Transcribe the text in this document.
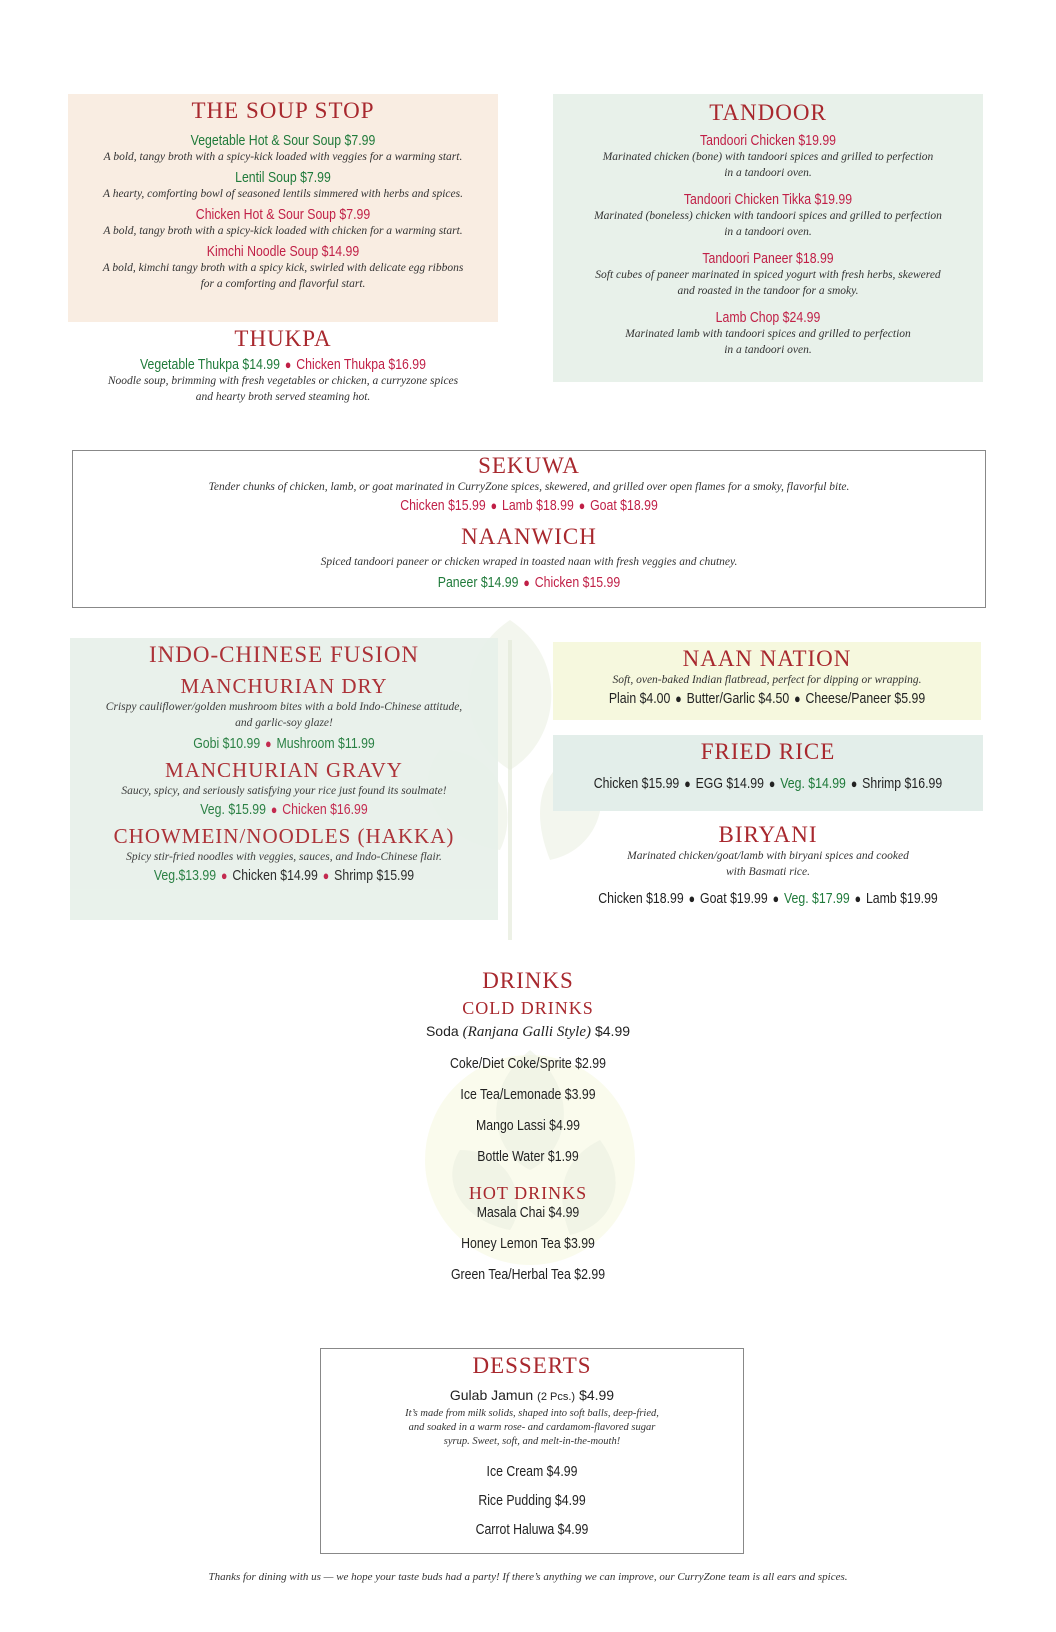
THE SOUP STOP
Vegetable Hot & Sour Soup $7.99
A bold, tangy broth with a spicy-kick loaded with veggies for a warming start.
Lentil Soup $7.99
A hearty, comforting bowl of seasoned lentils simmered with herbs and spices.
Chicken Hot & Sour Soup $7.99
A bold, tangy broth with a spicy-kick loaded with chicken for a warming start.
Kimchi Noodle Soup $14.99
A bold, kimchi tangy broth with a spicy kick, swirled with delicate egg ribbons
for a comforting and flavorful start.
THUKPA
Vegetable Thukpa $14.99 ● Chicken Thukpa $16.99
Noodle soup, brimming with fresh vegetables or chicken, a curryzone spices
and hearty broth served steaming hot.
TANDOOR
Tandoori Chicken $19.99
Marinated chicken (bone) with tandoori spices and grilled to perfection
in a tandoori oven.
Tandoori Chicken Tikka $19.99
Marinated (boneless) chicken with tandoori spices and grilled to perfection
in a tandoori oven.
Tandoori Paneer $18.99
Soft cubes of paneer marinated in spiced yogurt with fresh herbs, skewered
and roasted in the tandoor for a smoky.
Lamb Chop $24.99
Marinated lamb with tandoori spices and grilled to perfection
in a tandoori oven.
SEKUWA
Tender chunks of chicken, lamb, or goat marinated in CurryZone spices, skewered, and grilled over open flames for a smoky, flavorful bite.
Chicken $15.99 ● Lamb $18.99 ● Goat $18.99
NAANWICH
Spiced tandoori paneer or chicken wraped in toasted naan with fresh veggies and chutney.
Paneer $14.99 ● Chicken $15.99
INDO-CHINESE FUSION
MANCHURIAN DRY
Crispy cauliflower/golden mushroom bites with a bold Indo-Chinese attitude,
and garlic-soy glaze!
Gobi $10.99 ● Mushroom $11.99
MANCHURIAN GRAVY
Saucy, spicy, and seriously satisfying your rice just found its soulmate!
Veg. $15.99 ● Chicken $16.99
CHOWMEIN/NOODLES (HAKKA)
Spicy stir-fried noodles with veggies, sauces, and Indo-Chinese flair.
Veg.$13.99 ● Chicken $14.99 ● Shrimp $15.99
NAAN NATION
Soft, oven-baked Indian flatbread, perfect for dipping or wrapping.
Plain $4.00 ● Butter/Garlic $4.50 ● Cheese/Paneer $5.99
FRIED RICE
Chicken $15.99 ● EGG $14.99 ● Veg. $14.99 ● Shrimp $16.99
BIRYANI
Marinated chicken/goat/lamb with biryani spices and cooked
with Basmati rice.
Chicken $18.99 ● Goat $19.99 ● Veg. $17.99 ● Lamb $19.99
DRINKS
COLD DRINKS
Soda (Ranjana Galli Style) $4.99
Coke/Diet Coke/Sprite $2.99
Ice Tea/Lemonade $3.99
Mango Lassi $4.99
Bottle Water $1.99
HOT DRINKS
Masala Chai $4.99
Honey Lemon Tea $3.99
Green Tea/Herbal Tea $2.99
DESSERTS
Gulab Jamun (2 Pcs.) $4.99
It’s made from milk solids, shaped into soft balls, deep-fried,
and soaked in a warm rose- and cardamom-flavored sugar
syrup. Sweet, soft, and melt-in-the-mouth!
Ice Cream $4.99
Rice Pudding $4.99
Carrot Haluwa $4.99
Thanks for dining with us — we hope your taste buds had a party! If there’s anything we can improve, our CurryZone team is all ears and spices.
